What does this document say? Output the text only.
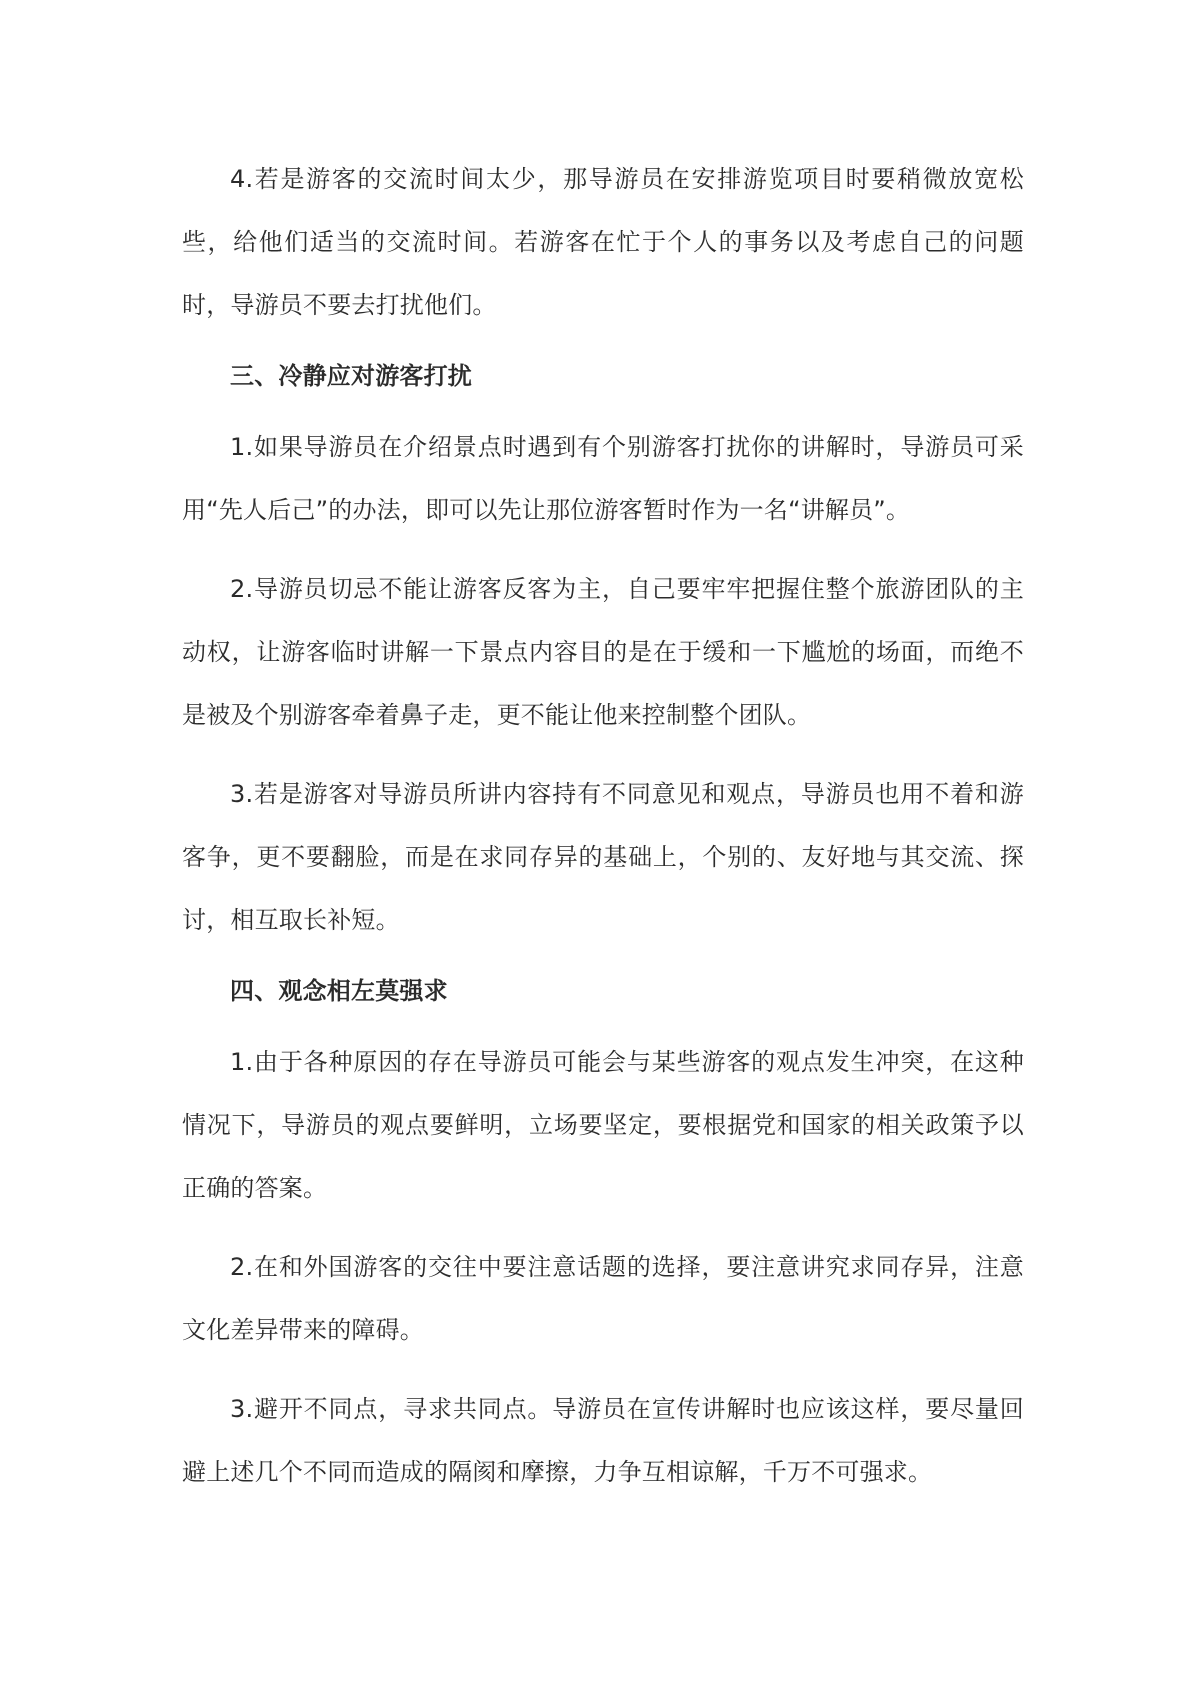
4.若是游客的交流时间太少，那导游员在安排游览项目时要稍微放宽松些，给他们适当的交流时间。若游客在忙于个人的事务以及考虑自己的问题时，导游员不要去打扰他们。

三、冷静应对游客打扰

1.如果导游员在介绍景点时遇到有个别游客打扰你的讲解时，导游员可采用“先人后己”的办法，即可以先让那位游客暂时作为一名“讲解员”。

2.导游员切忌不能让游客反客为主，自己要牢牢把握住整个旅游团队的主动权，让游客临时讲解一下景点内容目的是在于缓和一下尴尬的场面，而绝不是被及个别游客牵着鼻子走，更不能让他来控制整个团队。

3.若是游客对导游员所讲内容持有不同意见和观点，导游员也用不着和游客争，更不要翻脸，而是在求同存异的基础上，个别的、友好地与其交流、探讨，相互取长补短。

四、观念相左莫强求

1.由于各种原因的存在导游员可能会与某些游客的观点发生冲突，在这种情况下，导游员的观点要鲜明，立场要坚定，要根据党和国家的相关政策予以正确的答案。

2.在和外国游客的交往中要注意话题的选择，要注意讲究求同存异，注意文化差异带来的障碍。

3.避开不同点，寻求共同点。导游员在宣传讲解时也应该这样，要尽量回避上述几个不同而造成的隔阂和摩擦，力争互相谅解，千万不可强求。
